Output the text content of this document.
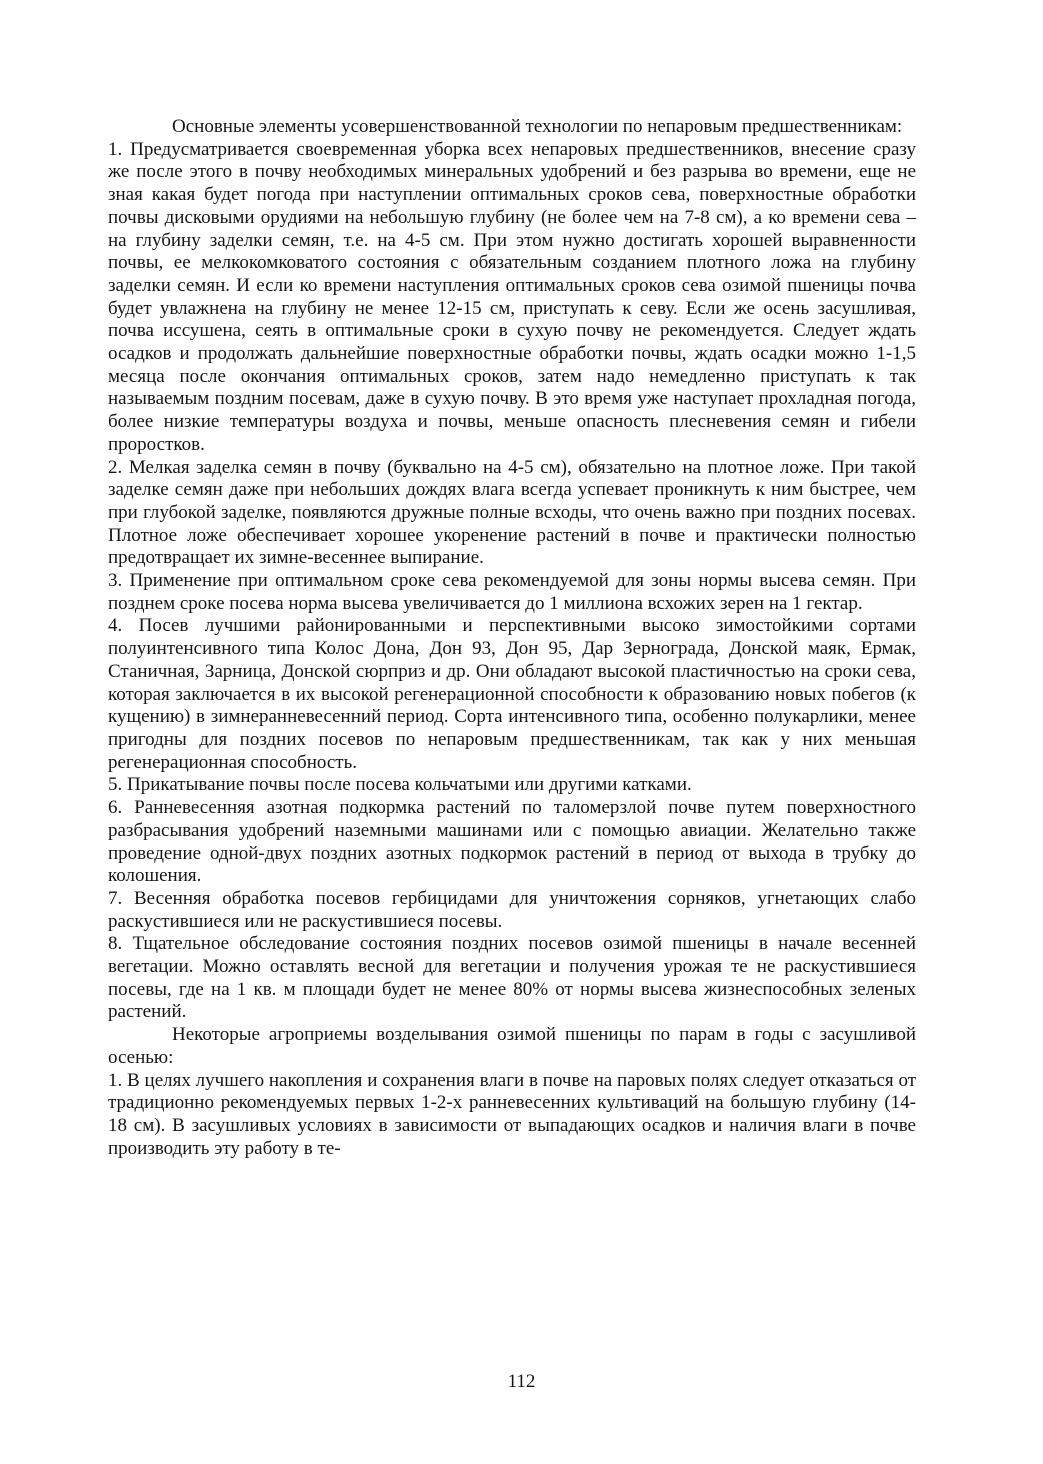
Основные элементы усовершенствованной технологии по непаровым предшественникам:

1. Предусматривается своевременная уборка всех непаровых предшественников, внесение сразу же после этого в почву необходимых минеральных удобрений и без разрыва во времени, еще не зная какая будет погода при наступлении оптимальных сроков сева, поверхностные обработки почвы дисковыми орудиями на небольшую глубину (не более чем на 7-8 см), а ко времени сева – на глубину заделки семян, т.е. на 4-5 см. При этом нужно достигать хорошей выравненности почвы, ее мелкокомковатого состояния с обязательным созданием плотного ложа на глубину заделки семян. И если ко времени наступления оптимальных сроков сева озимой пшеницы почва будет увлажнена на глубину не менее 12-15 см, приступать к севу. Если же осень засушливая, почва иссушена, сеять в оптимальные сроки в сухую почву не рекомендуется. Следует ждать осадков и продолжать дальнейшие поверхностные обработки почвы, ждать осадки можно 1-1,5 месяца после окончания оптимальных сроков, затем надо немедленно приступать к так называемым поздним посевам, даже в сухую почву. В это время уже наступает прохладная погода, более низкие температуры воздуха и почвы, меньше опасность плесневения семян и гибели проростков.

2. Мелкая заделка семян в почву (буквально на 4-5 см), обязательно на плотное ложе. При такой заделке семян даже при небольших дождях влага всегда успевает проникнуть к ним быстрее, чем при глубокой заделке, появляются дружные полные всходы, что очень важно при поздних посевах. Плотное ложе обеспечивает хорошее укоренение растений в почве и практически полностью предотвращает их зимне-весеннее выпирание.

3. Применение при оптимальном сроке сева рекомендуемой для зоны нормы высева семян. При позднем сроке посева норма высева увеличивается до 1 миллиона всхожих зерен на 1 гектар.

4. Посев лучшими районированными и перспективными высоко зимостойкими сортами полуинтенсивного типа Колос Дона, Дон 93, Дон 95, Дар Зернограда, Донской маяк, Ермак, Станичная, Зарница, Донской сюрприз и др. Они обладают высокой пластичностью на сроки сева, которая заключается в их высокой регенерационной способности к образованию новых побегов (к кущению) в зимнеранневесенний период. Сорта интенсивного типа, особенно полукарлики, менее пригодны для поздних посевов по непаровым предшественникам, так как у них меньшая регенерационная способность.

5. Прикатывание почвы после посева кольчатыми или другими катками.

6. Ранневесенняя азотная подкормка растений по таломерзлой почве путем поверхностного разбрасывания удобрений наземными машинами или с помощью авиации. Желательно также проведение одной-двух поздних азотных подкормок растений в период от выхода в трубку до колошения.

7. Весенняя обработка посевов гербицидами для уничтожения сорняков, угнетающих слабо раскустившиеся или не раскустившиеся посевы.

8. Тщательное обследование состояния поздних посевов озимой пшеницы в начале весенней вегетации. Можно оставлять весной для вегетации и получения урожая те не раскустившиеся посевы, где на 1 кв. м площади будет не менее 80% от нормы высева жизнеспособных зеленых растений.

Некоторые агроприемы возделывания озимой пшеницы по парам в годы с засушливой осенью:

1. В целях лучшего накопления и сохранения влаги в почве на паровых полях следует отказаться от традиционно рекомендуемых первых 1-2-х ранневесенних культиваций на большую глубину (14-18 см). В засушливых условиях в зависимости от выпадающих осадков и наличия влаги в почве производить эту работу в те-

112
